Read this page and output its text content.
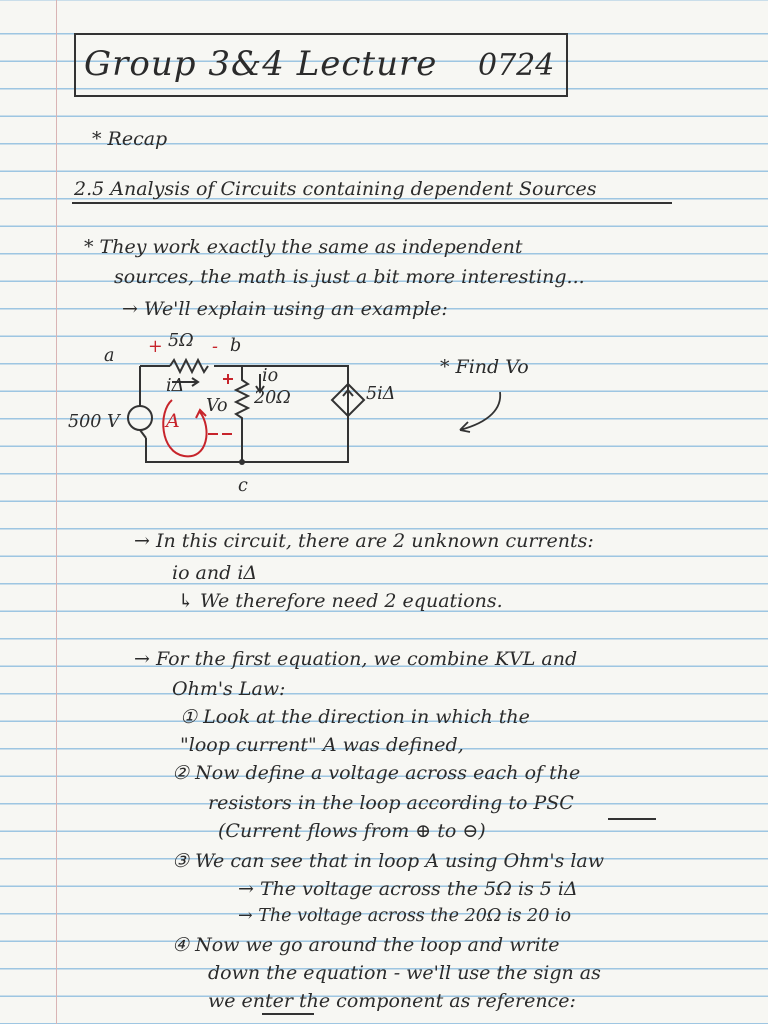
Group 3&4 Lecture 0724
* Recap
2.5 Analysis of Circuits containing dependent Sources
* They work exactly the same as independent
sources, the math is just a bit more interesting...
→ We'll explain using an example:
+	-
5Ω
a	b
c
iΔ	io
20Ω
Vo
500 V A
5iΔ
* Find Vo
→ In this circuit, there are 2 unknown currents:
io and iΔ
↳ We therefore need 2 equations.
→ For the first equation, we combine KVL and
Ohm's Law:
① Look at the direction in which the
"loop current" A was defined,
② Now define a voltage across each of the
resistors in the loop according to PSC
(Current flows from ⊕ to ⊖)
③ We can see that in loop A using Ohm's law
→ The voltage across the 5Ω is 5 iΔ
→ The voltage across the 20Ω is 20 io
④ Now we go around the loop and write
down the equation - we'll use the sign as
we enter the component as reference:
